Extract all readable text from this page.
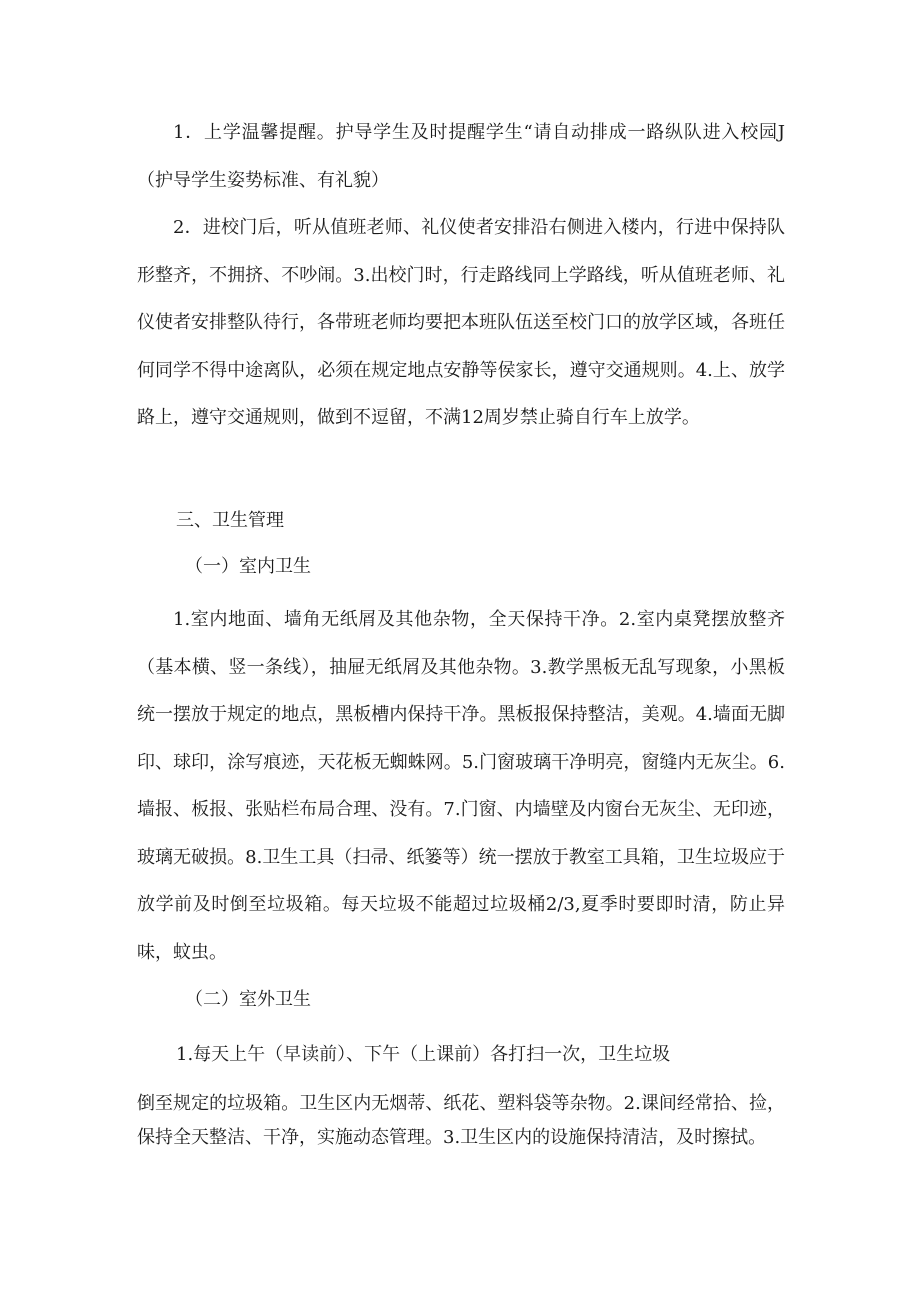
1．上学温馨提醒。护导学生及时提醒学生“请自动排成一路纵队进入校园J（护导学生姿势标准、有礼貌）

2．进校门后，听从值班老师、礼仪使者安排沿右侧进入楼内，行进中保持队形整齐，不拥挤、不吵闹。3.出校门时，行走路线同上学路线，听从值班老师、礼仪使者安排整队待行，各带班老师均要把本班队伍送至校门口的放学区域，各班任何同学不得中途离队，必须在规定地点安静等侯家长，遵守交通规则。4.上、放学路上，遵守交通规则，做到不逗留，不满12周岁禁止骑自行车上放学。

三、卫生管理

（一）室内卫生

1.室内地面、墙角无纸屑及其他杂物，全天保持干净。2.室内桌凳摆放整齐（基本横、竖一条线），抽屉无纸屑及其他杂物。3.教学黑板无乱写现象，小黑板统一摆放于规定的地点，黑板槽内保持干净。黑板报保持整洁，美观。4.墙面无脚印、球印，涂写痕迹，天花板无蜘蛛网。5.门窗玻璃干净明亮，窗缝内无灰尘。6.墙报、板报、张贴栏布局合理、没有。7.门窗、内墙壁及内窗台无灰尘、无印迹，玻璃无破损。8.卫生工具（扫帚、纸篓等）统一摆放于教室工具箱，卫生垃圾应于放学前及时倒至垃圾箱。每天垃圾不能超过垃圾桶2/3,夏季时要即时清，防止异味，蚊虫。

（二）室外卫生

1.每天上午（早读前）、下午（上课前）各打扫一次，卫生垃圾

倒至规定的垃圾箱。卫生区内无烟蒂、纸花、塑料袋等杂物。2.课间经常拾、捡，保持全天整洁、干净，实施动态管理。3.卫生区内的设施保持清洁，及时擦拭。
